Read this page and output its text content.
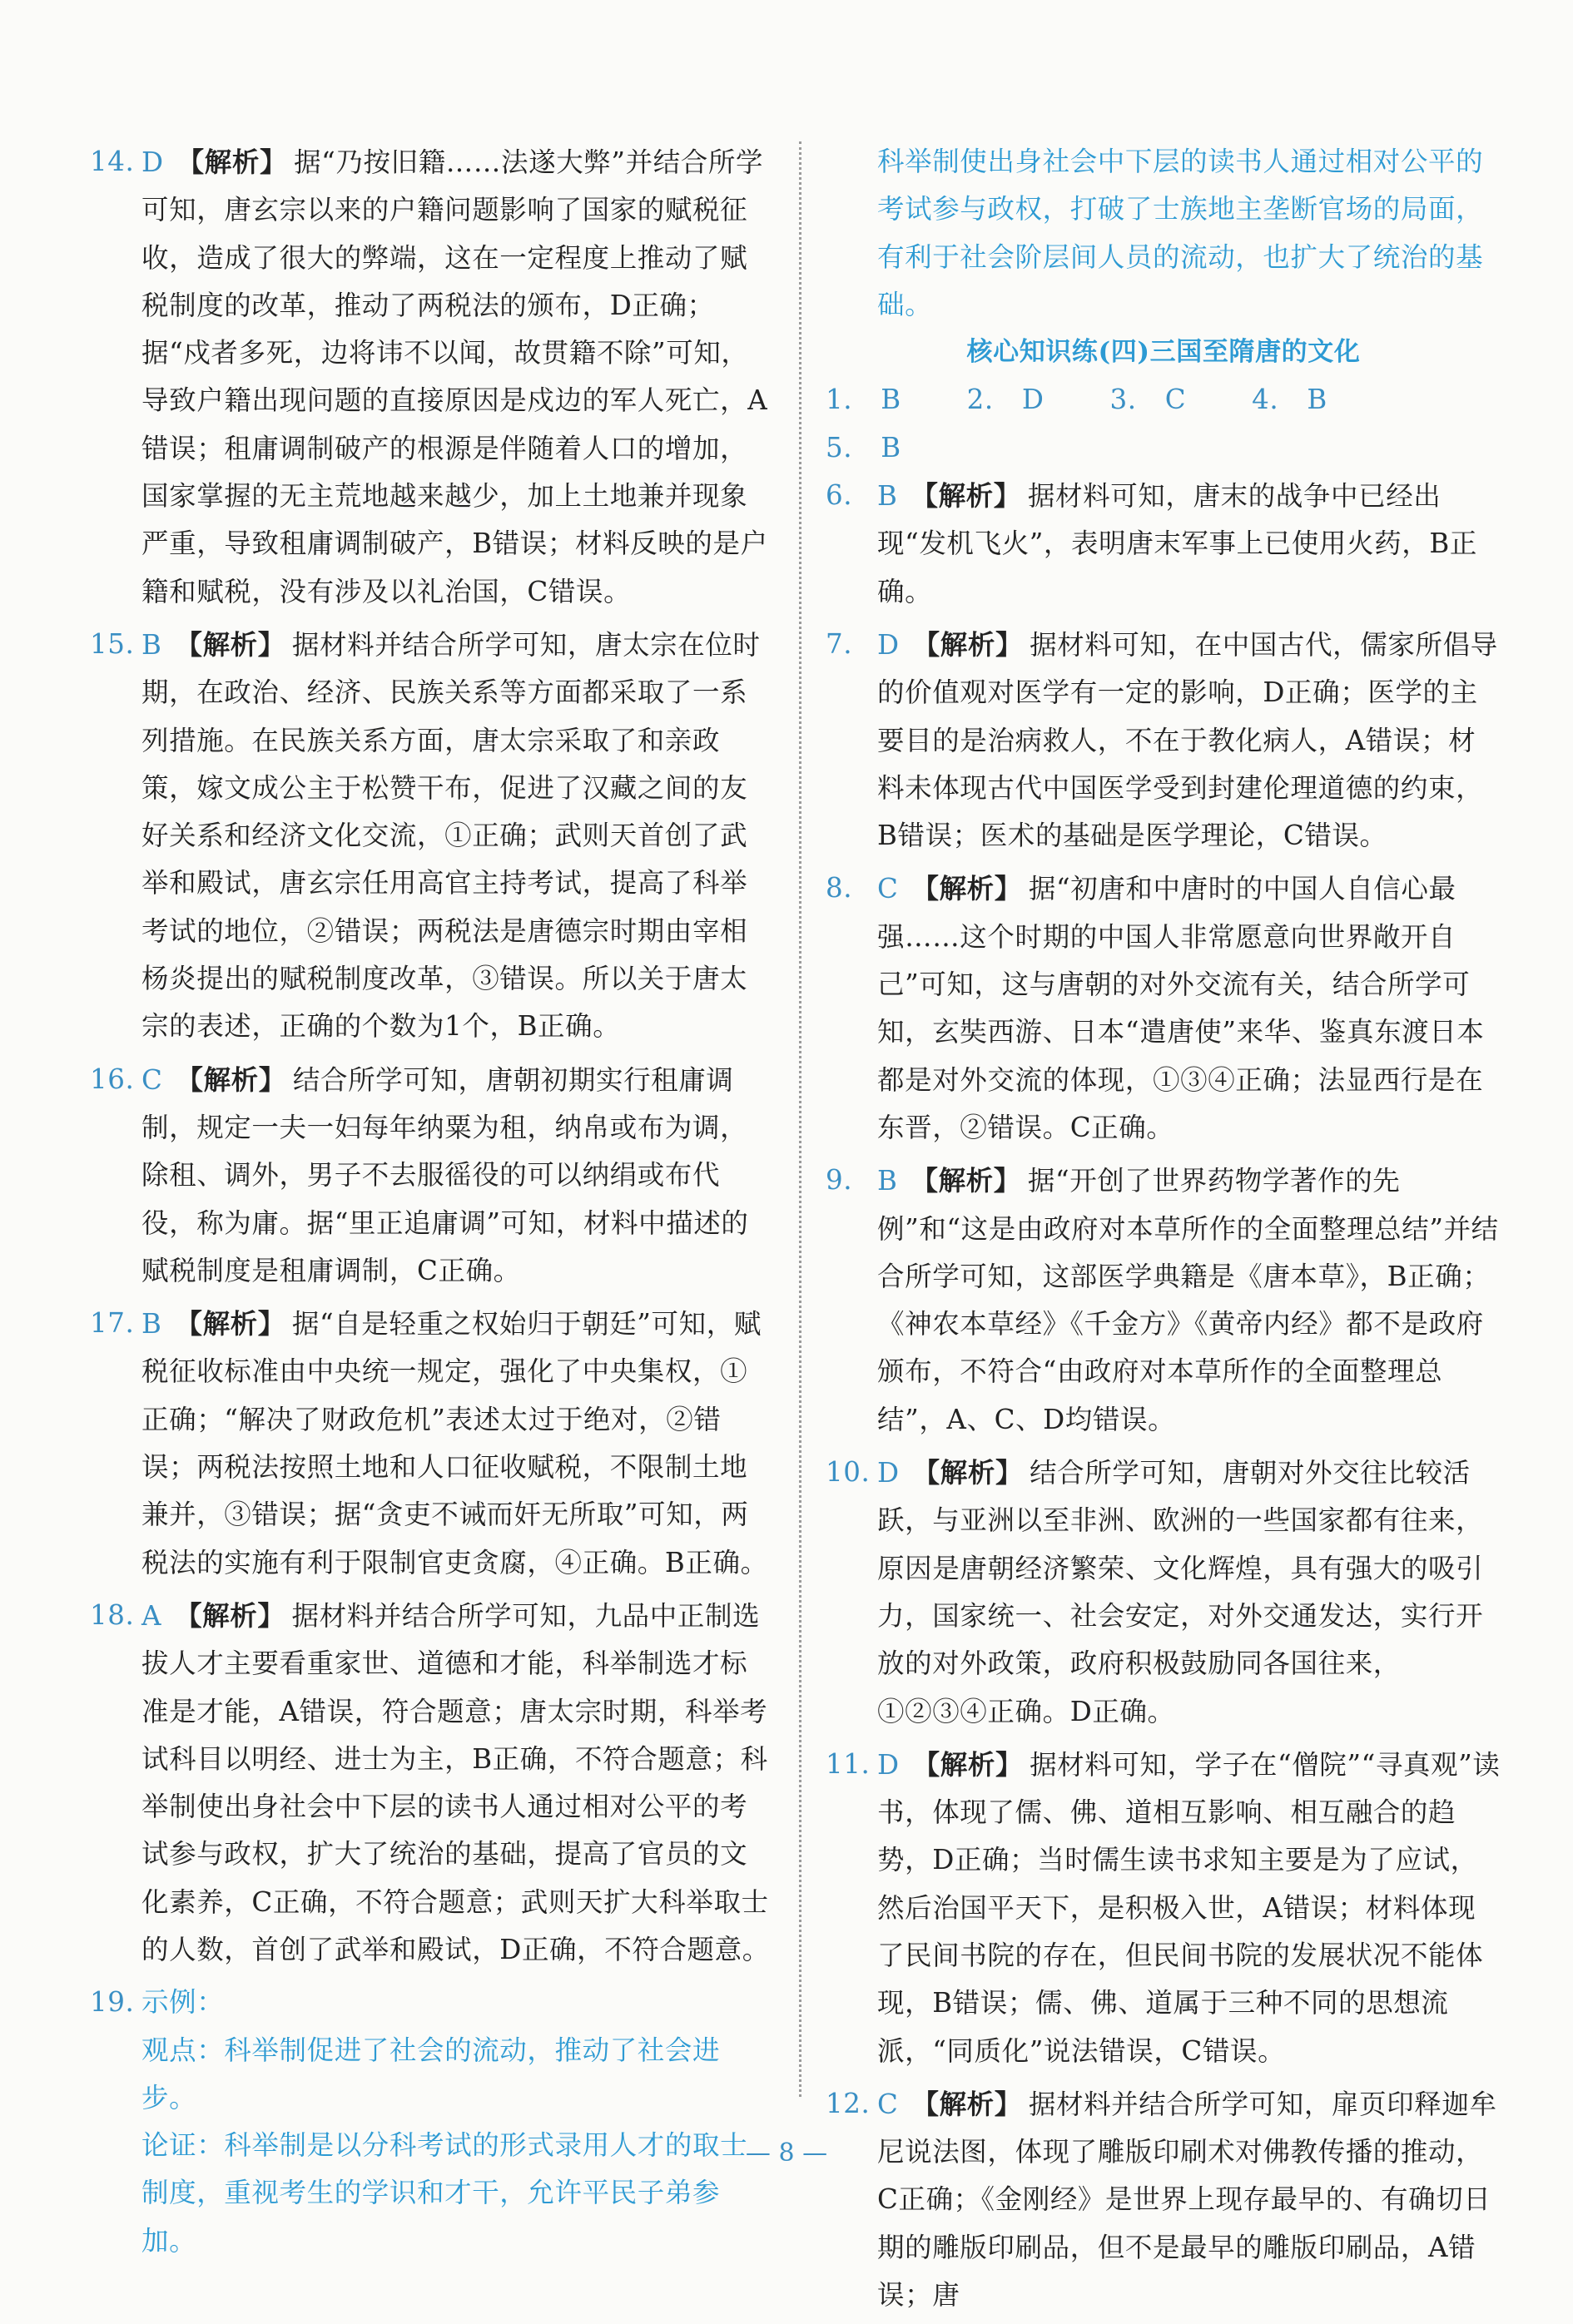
14. D 【解析】 据“乃按旧籍……法遂大弊”并结合所学可知，唐玄宗以来的户籍问题影响了国家的赋税征收，造成了很大的弊端，这在一定程度上推动了赋税制度的改革，推动了两税法的颁布，D正确；据“戍者多死，边将讳不以闻，故贯籍不除”可知，导致户籍出现问题的直接原因是戍边的军人死亡，A错误；租庸调制破产的根源是伴随着人口的增加，国家掌握的无主荒地越来越少，加上土地兼并现象严重，导致租庸调制破产，B错误；材料反映的是户籍和赋税，没有涉及以礼治国，C错误。
15. B 【解析】 据材料并结合所学可知，唐太宗在位时期，在政治、经济、民族关系等方面都采取了一系列措施。在民族关系方面，唐太宗采取了和亲政策，嫁文成公主于松赞干布，促进了汉藏之间的友好关系和经济文化交流，①正确；武则天首创了武举和殿试，唐玄宗任用高官主持考试，提高了科举考试的地位，②错误；两税法是唐德宗时期由宰相杨炎提出的赋税制度改革，③错误。所以关于唐太宗的表述，正确的个数为1个，B正确。
16. C 【解析】 结合所学可知，唐朝初期实行租庸调制，规定一夫一妇每年纳粟为租，纳帛或布为调，除租、调外，男子不去服徭役的可以纳绢或布代役，称为庸。据“里正追庸调”可知，材料中描述的赋税制度是租庸调制，C正确。
17. B 【解析】 据“自是轻重之权始归于朝廷”可知，赋税征收标准由中央统一规定，强化了中央集权，①正确；“解决了财政危机”表述太过于绝对，②错误；两税法按照土地和人口征收赋税，不限制土地兼并，③错误；据“贪吏不诫而奸无所取”可知，两税法的实施有利于限制官吏贪腐，④正确。B正确。
18. A 【解析】 据材料并结合所学可知，九品中正制选拔人才主要看重家世、道德和才能，科举制选才标准是才能，A错误，符合题意；唐太宗时期，科举考试科目以明经、进士为主，B正确，不符合题意；科举制使出身社会中下层的读书人通过相对公平的考试参与政权，扩大了统治的基础，提高了官员的文化素养，C正确，不符合题意；武则天扩大科举取士的人数，首创了武举和殿试，D正确，不符合题意。
19. 示例：
观点：科举制促进了社会的流动，推动了社会进步。
论证：科举制是以分科考试的形式录用人才的取士制度，重视考生的学识和才干，允许平民子弟参加。
科举制使出身社会中下层的读书人通过相对公平的考试参与政权，打破了士族地主垄断官场的局面，有利于社会阶层间人员的流动，也扩大了统治的基础。
核心知识练(四)三国至隋唐的文化
1. B 2. D 3. C 4. B 5. B
6. B 【解析】 据材料可知，唐末的战争中已经出现“发机飞火”，表明唐末军事上已使用火药，B正确。
7. D 【解析】 据材料可知，在中国古代，儒家所倡导的价值观对医学有一定的影响，D正确；医学的主要目的是治病救人，不在于教化病人，A错误；材料未体现古代中国医学受到封建伦理道德的约束，B错误；医术的基础是医学理论，C错误。
8. C 【解析】 据“初唐和中唐时的中国人自信心最强……这个时期的中国人非常愿意向世界敞开自己”可知，这与唐朝的对外交流有关，结合所学可知，玄奘西游、日本“遣唐使”来华、鉴真东渡日本都是对外交流的体现，①③④正确；法显西行是在东晋，②错误。C正确。
9. B 【解析】 据“开创了世界药物学著作的先例”和“这是由政府对本草所作的全面整理总结”并结合所学可知，这部医学典籍是《唐本草》，B正确；《神农本草经》《千金方》《黄帝内经》都不是政府颁布，不符合“由政府对本草所作的全面整理总结”，A、C、D均错误。
10. D 【解析】 结合所学可知，唐朝对外交往比较活跃，与亚洲以至非洲、欧洲的一些国家都有往来，原因是唐朝经济繁荣、文化辉煌，具有强大的吸引力，国家统一、社会安定，对外交通发达，实行开放的对外政策，政府积极鼓励同各国往来，①②③④正确。D正确。
11. D 【解析】 据材料可知，学子在“僧院”“寻真观”读书，体现了儒、佛、道相互影响、相互融合的趋势，D正确；当时儒生读书求知主要是为了应试，然后治国平天下，是积极入世，A错误；材料体现了民间书院的存在，但民间书院的发展状况不能体现，B错误；儒、佛、道属于三种不同的思想流派，“同质化”说法错误，C错误。
12. C 【解析】 据材料并结合所学可知，扉页印释迦牟尼说法图，体现了雕版印刷术对佛教传播的推动，C正确；《金刚经》是世界上现存最早的、有确切日期的雕版印刷品，但不是最早的雕版印刷品，A错误；唐
— 8 —
